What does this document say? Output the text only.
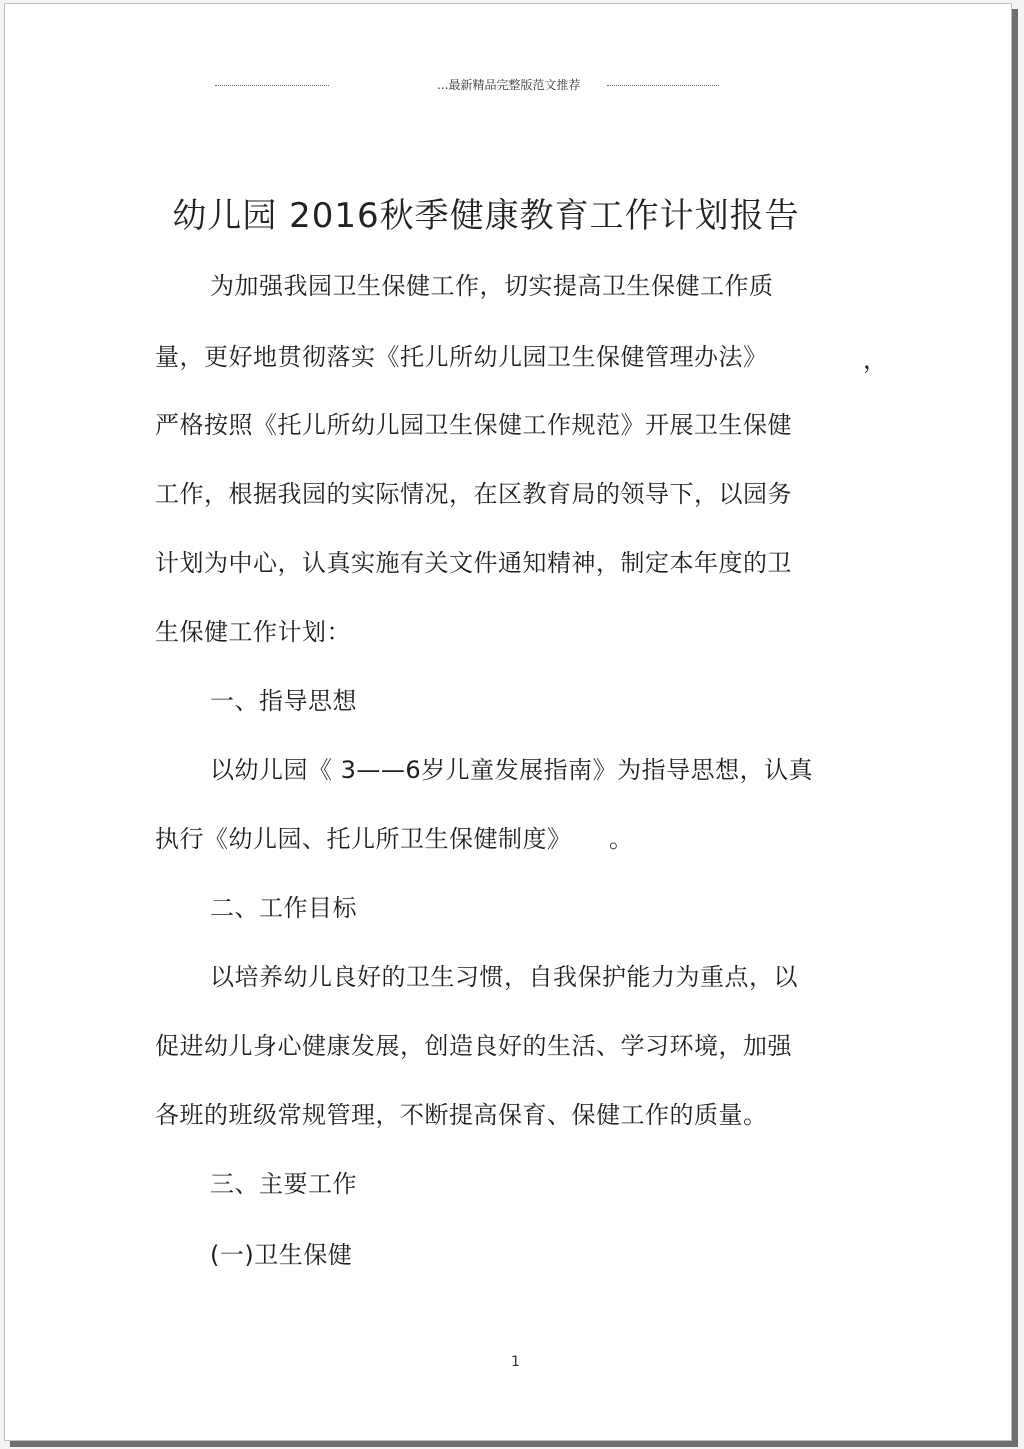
...最新精品完整版范文推荐
幼儿园 2016秋季健康教育工作计划报告
为加强我园卫生保健工作，切实提高卫生保健工作质
量，更好地贯彻落实《托儿所幼儿园卫生保健管理办法》	，
严格按照《托儿所幼儿园卫生保健工作规范》开展卫生保健
工作，根据我园的实际情况，在区教育局的领导下，以园务
计划为中心，认真实施有关文件通知精神，制定本年度的卫
生保健工作计划：
一、指导思想
以幼儿园《 3——6岁儿童发展指南》为指导思想，认真
执行《幼儿园、托儿所卫生保健制度》 。
二、工作目标
以培养幼儿良好的卫生习惯，自我保护能力为重点，以
促进幼儿身心健康发展，创造良好的生活、学习环境，加强
各班的班级常规管理，不断提高保育、保健工作的质量。
三、主要工作
(一)卫生保健
1
